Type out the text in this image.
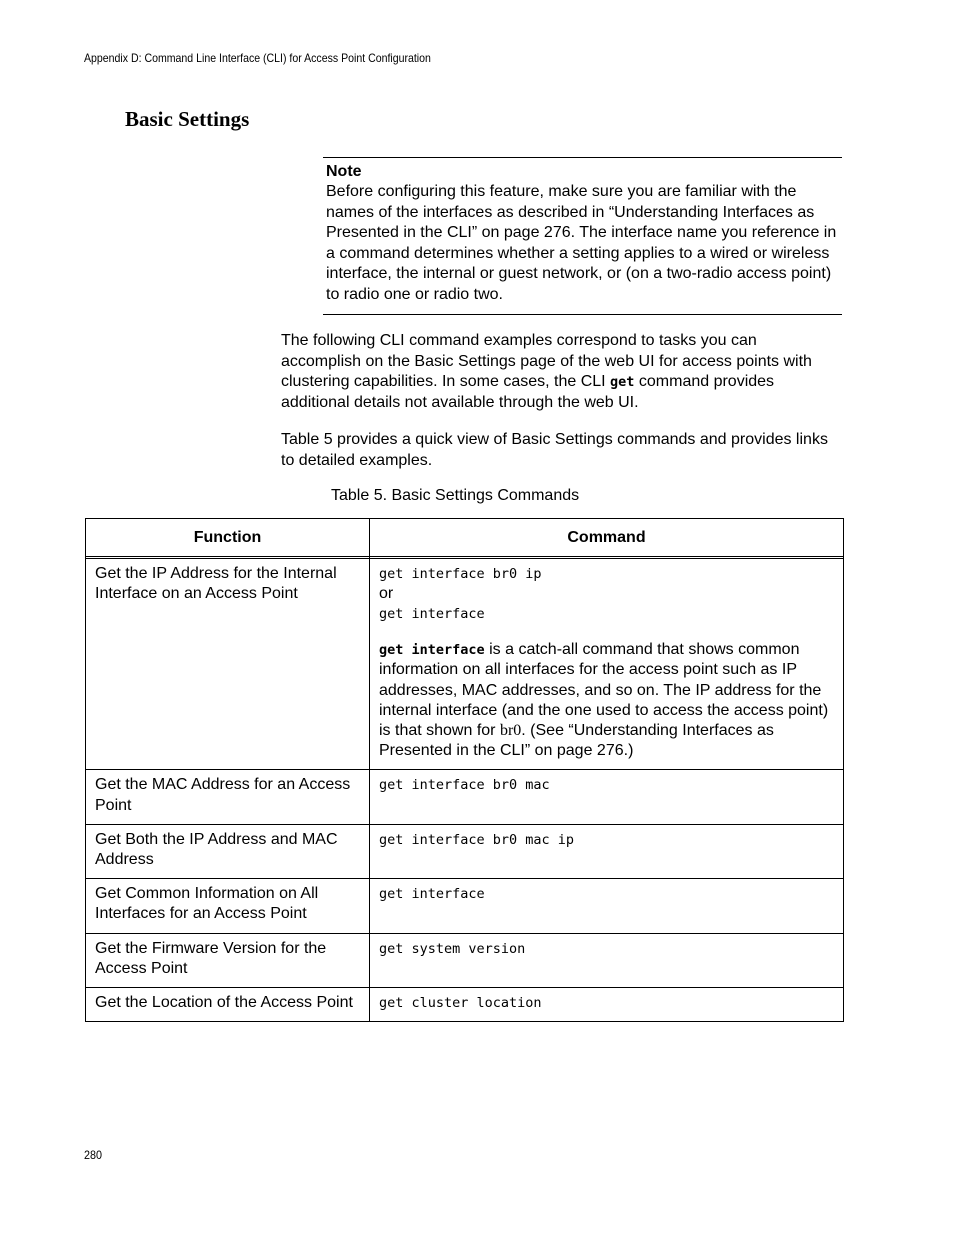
Appendix D: Command Line Interface (CLI) for Access Point Configuration
Basic Settings
Note
Before configuring this feature, make sure you are familiar with the names of the interfaces as described in “Understanding Interfaces as Presented in the CLI” on page 276. The interface name you reference in a command determines whether a setting applies to a wired or wireless interface, the internal or guest network, or (on a two-radio access point) to radio one or radio two.
The following CLI command examples correspond to tasks you can accomplish on the Basic Settings page of the web UI for access points with clustering capabilities. In some cases, the CLI get command provides additional details not available through the web UI.
Table 5 provides a quick view of Basic Settings commands and provides links to detailed examples.
Table 5. Basic Settings Commands
Function	Command

Get the IP Address for the Internal Interface on an Access Point	get interface br0 ip
or
get interface
get interface is a catch-all command that shows common information on all interfaces for the access point such as IP addresses, MAC addresses, and so on. The IP address for the internal interface (and the one used to access the access point) is that shown for br0. (See “Understanding Interfaces as Presented in the CLI” on page 276.)

Get the MAC Address for an Access Point	get interface br0 mac

Get Both the IP Address and MAC Address	get interface br0 mac ip

Get Common Information on All Interfaces for an Access Point	get interface

Get the Firmware Version for the Access Point	get system version

Get the Location of the Access Point	get cluster location
280
